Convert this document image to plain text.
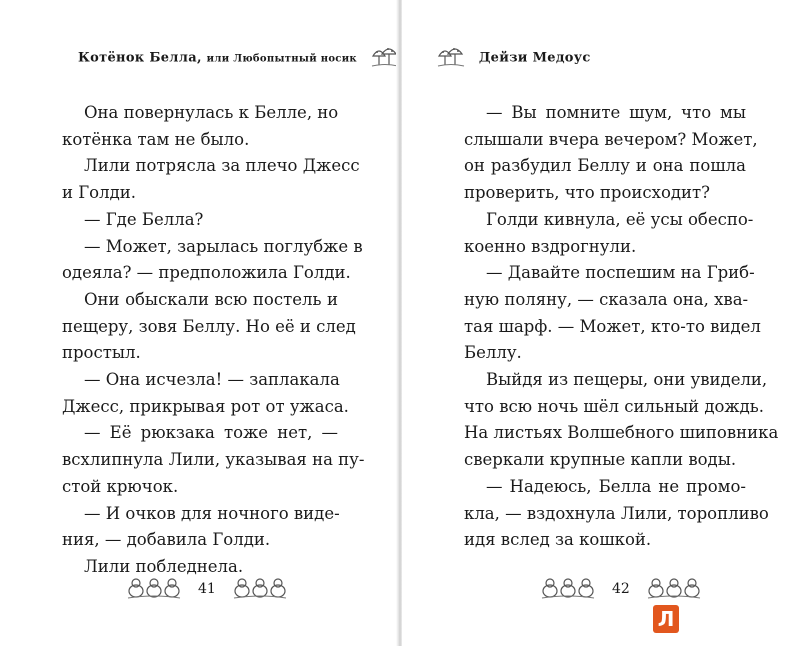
Котёнок Белла, или Любопытный носик
Она повернулась к Белле, но
котёнка там не было.
Лили потрясла за плечо Джесс
и Голди.
— Где Белла?
— Может, зарылась поглубже в
одеяла? — предположила Голди.
Они обыскали всю постель и
пещеру, зовя Беллу. Но её и след
простыл.
— Она исчезла! — заплакала
Джесс, прикрывая рот от ужаса.
— Её рюкзака тоже нет, —
всхлипнула Лили, указывая на пу-
стой крючок.
— И очков для ночного виде-
ния, — добавила Голди.
Лили побледнела.
41
Дейзи Медоус
— Вы помните шум, что мы
слышали вчера вечером? Может,
он разбудил Беллу и она пошла
проверить, что происходит?
Голди кивнула, её усы обеспо-
коенно вздрогнули.
— Давайте поспешим на Гриб-
ную поляну, — сказала она, хва-
тая шарф. — Может, кто-то видел
Беллу.
Выйдя из пещеры, они увидели,
что всю ночь шёл сильный дождь.
На листьях Волшебного шиповника
сверкали крупные капли воды.
— Надеюсь, Белла не промо-
кла, — вздохнула Лили, торопливо
идя вслед за кошкой.
42
Л
